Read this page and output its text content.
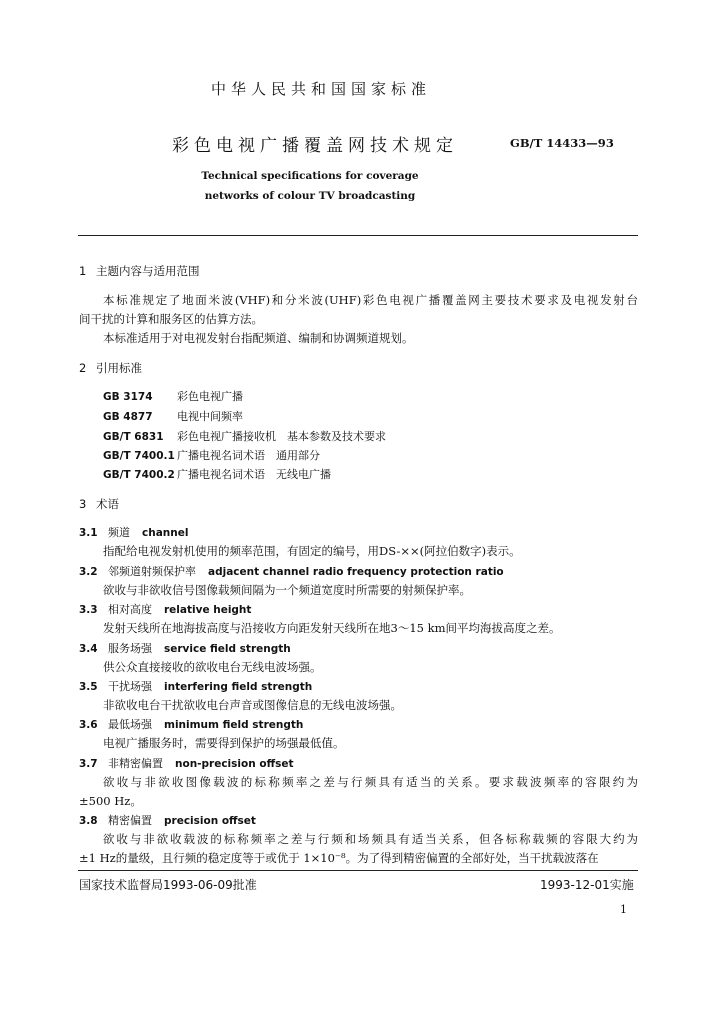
中华人民共和国国家标准
彩色电视广播覆盖网技术规定	GB/T 14433—93
Technical specifications for coverage
networks of colour TV broadcasting
1 主题内容与适用范围
本标准规定了地面米波(VHF)和分米波(UHF)彩色电视广播覆盖网主要技术要求及电视发射台
间干扰的计算和服务区的估算方法。
本标准适用于对电视发射台指配频道、编制和协调频道规划。
2 引用标准
GB 3174 彩色电视广播
GB 4877 电视中间频率
GB/T 6831 彩色电视广播接收机　基本参数及技术要求
GB/T 7400.1 广播电视名词术语　通用部分
GB/T 7400.2 广播电视名词术语　无线电广播
3 术语
3.1 频道 channel
指配给电视发射机使用的频率范围，有固定的编号，用DS-××(阿拉伯数字)表示。
3.2 邻频道射频保护率 adjacent channel radio frequency protection ratio
欲收与非欲收信号图像载频间隔为一个频道宽度时所需要的射频保护率。
3.3 相对高度 relative height
发射天线所在地海拔高度与沿接收方向距发射天线所在地3～15 km间平均海拔高度之差。
3.4 服务场强 service field strength
供公众直接接收的欲收电台无线电波场强。
3.5 干扰场强 interfering field strength
非欲收电台干扰欲收电台声音或图像信息的无线电波场强。
3.6 最低场强 minimum field strength
电视广播服务时，需要得到保护的场强最低值。
3.7 非精密偏置 non-precision offset
欲收与非欲收图像载波的标称频率之差与行频具有适当的关系。要求载波频率的容限约为
±500 Hz。
3.8 精密偏置 precision offset
欲收与非欲收载波的标称频率之差与行频和场频具有适当关系，但各标称载频的容限大约为
±1 Hz的量级，且行频的稳定度等于或优于 1×10⁻⁸。为了得到精密偏置的全部好处，当干扰载波落在
国家技术监督局1993-06-09批准	1993-12-01实施
1
